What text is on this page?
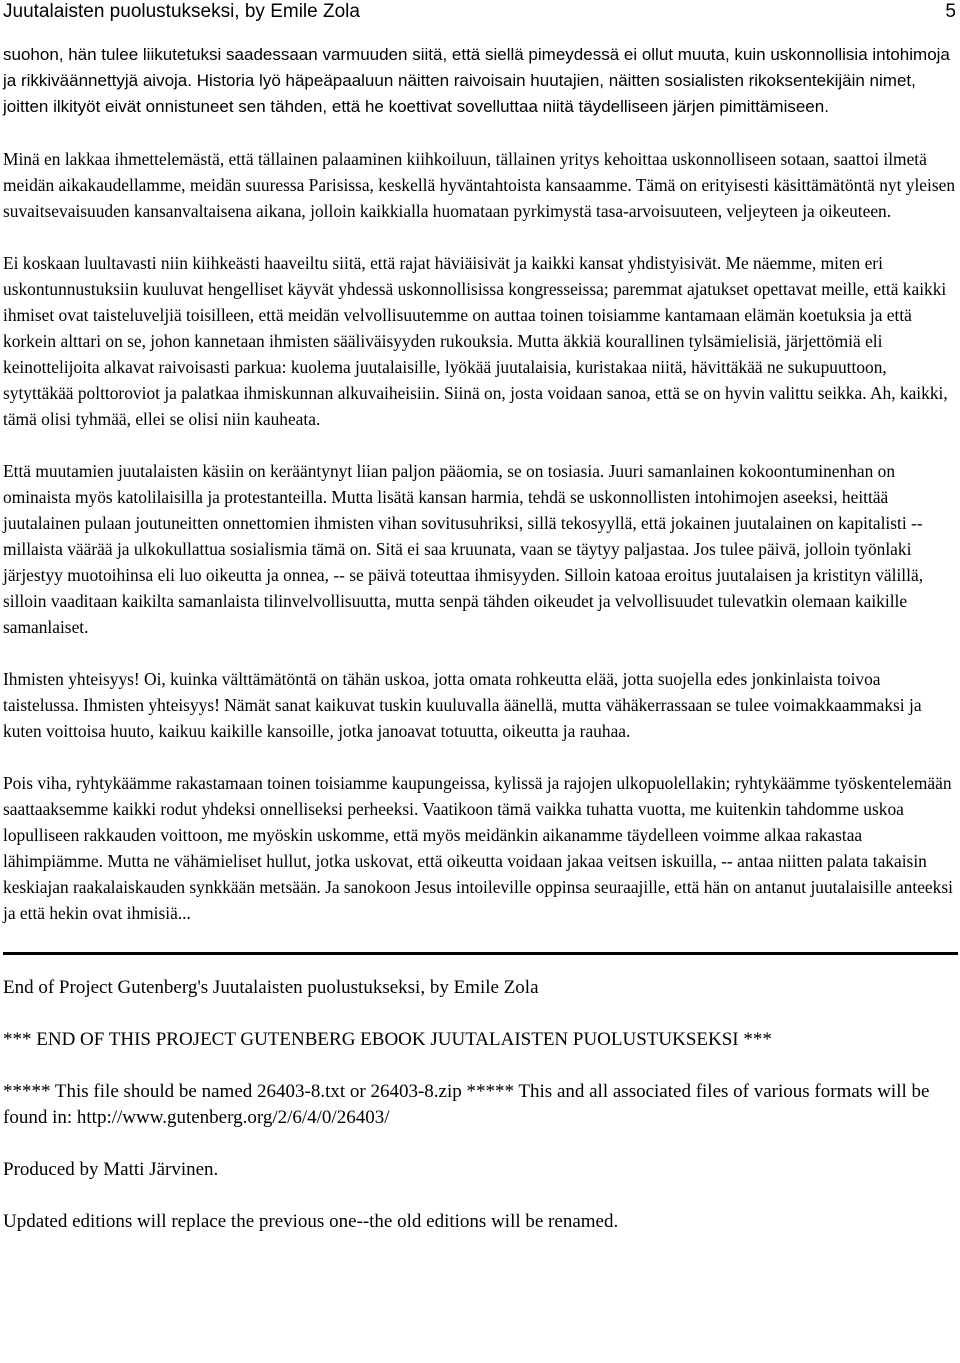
Juutalaisten puolustukseksi, by Emile Zola	5

suohon, hän tulee liikutetuksi saadessaan varmuuden siitä, että siellä pimeydessä ei ollut muuta, kuin uskonnollisia intohimoja ja rikkiväännettyjä aivoja. Historia lyö häpeäpaaluun näitten raivoisain huutajien, näitten sosialisten rikoksentekijäin nimet, joitten ilkityöt eivät onnistuneet sen tähden, että he koettivat sovelluttaa niitä täydelliseen järjen pimittämiseen.

Minä en lakkaa ihmettelemästä, että tällainen palaaminen kiihkoiluun, tällainen yritys kehoittaa uskonnolliseen sotaan, saattoi ilmetä meidän aikakaudellamme, meidän suuressa Parisissa, keskellä hyväntahtoista kansaamme. Tämä on erityisesti käsittämätöntä nyt yleisen suvaitsevaisuuden kansanvaltaisena aikana, jolloin kaikkialla huomataan pyrkimystä tasa-arvoisuuteen, veljeyteen ja oikeuteen.

Ei koskaan luultavasti niin kiihkeästi haaveiltu siitä, että rajat häviäisivät ja kaikki kansat yhdistyisivät. Me näemme, miten eri uskontunnustuksiin kuuluvat hengelliset käyvät yhdessä uskonnollisissa kongresseissa; paremmat ajatukset opettavat meille, että kaikki ihmiset ovat taisteluveljiä toisilleen, että meidän velvollisuutemme on auttaa toinen toisiamme kantamaan elämän koetuksia ja että korkein alttari on se, johon kannetaan ihmisten sääliväisyyden rukouksia. Mutta äkkiä kourallinen tylsämielisiä, järjettömiä eli keinottelijoita alkavat raivoisasti parkua: kuolema juutalaisille, lyökää juutalaisia, kuristakaa niitä, hävittäkää ne sukupuuttoon, sytyttäkää polttoroviot ja palatkaa ihmiskunnan alkuvaiheisiin. Siinä on, josta voidaan sanoa, että se on hyvin valittu seikka. Ah, kaikki, tämä olisi tyhmää, ellei se olisi niin kauheata.

Että muutamien juutalaisten käsiin on kerääntynyt liian paljon pääomia, se on tosiasia. Juuri samanlainen kokoontuminenhan on ominaista myös katolilaisilla ja protestanteilla. Mutta lisätä kansan harmia, tehdä se uskonnollisten intohimojen aseeksi, heittää juutalainen pulaan joutuneitten onnettomien ihmisten vihan sovitusuhriksi, sillä tekosyyllä, että jokainen juutalainen on kapitalisti -- millaista väärää ja ulkokullattua sosialismia tämä on. Sitä ei saa kruunata, vaan se täytyy paljastaa. Jos tulee päivä, jolloin työnlaki järjestyy muotoihinsa eli luo oikeutta ja onnea, -- se päivä toteuttaa ihmisyyden. Silloin katoaa eroitus juutalaisen ja kristityn välillä, silloin vaaditaan kaikilta samanlaista tilinvelvollisuutta, mutta senpä tähden oikeudet ja velvollisuudet tulevatkin olemaan kaikille samanlaiset.

Ihmisten yhteisyys! Oi, kuinka välttämätöntä on tähän uskoa, jotta omata rohkeutta elää, jotta suojella edes jonkinlaista toivoa taistelussa. Ihmisten yhteisyys! Nämät sanat kaikuvat tuskin kuuluvalla äänellä, mutta vähäkerrassaan se tulee voimakkaammaksi ja kuten voittoisa huuto, kaikuu kaikille kansoille, jotka janoavat totuutta, oikeutta ja rauhaa.

Pois viha, ryhtykäämme rakastamaan toinen toisiamme kaupungeissa, kylissä ja rajojen ulkopuolellakin; ryhtykäämme työskentelemään saattaaksemme kaikki rodut yhdeksi onnelliseksi perheeksi. Vaatikoon tämä vaikka tuhatta vuotta, me kuitenkin tahdomme uskoa lopulliseen rakkauden voittoon, me myöskin uskomme, että myös meidänkin aikanamme täydelleen voimme alkaa rakastaa lähimpiämme. Mutta ne vähämieliset hullut, jotka uskovat, että oikeutta voidaan jakaa veitsen iskuilla, -- antaa niitten palata takaisin keskiajan raakalaiskauden synkkään metsään. Ja sanokoon Jesus intoileville oppinsa seuraajille, että hän on antanut juutalaisille anteeksi ja että hekin ovat ihmisiä...

End of Project Gutenberg's Juutalaisten puolustukseksi, by Emile Zola

*** END OF THIS PROJECT GUTENBERG EBOOK JUUTALAISTEN PUOLUSTUKSEKSI ***

***** This file should be named 26403-8.txt or 26403-8.zip ***** This and all associated files of various formats will be found in: http://www.gutenberg.org/2/6/4/0/26403/

Produced by Matti Järvinen.

Updated editions will replace the previous one--the old editions will be renamed.
